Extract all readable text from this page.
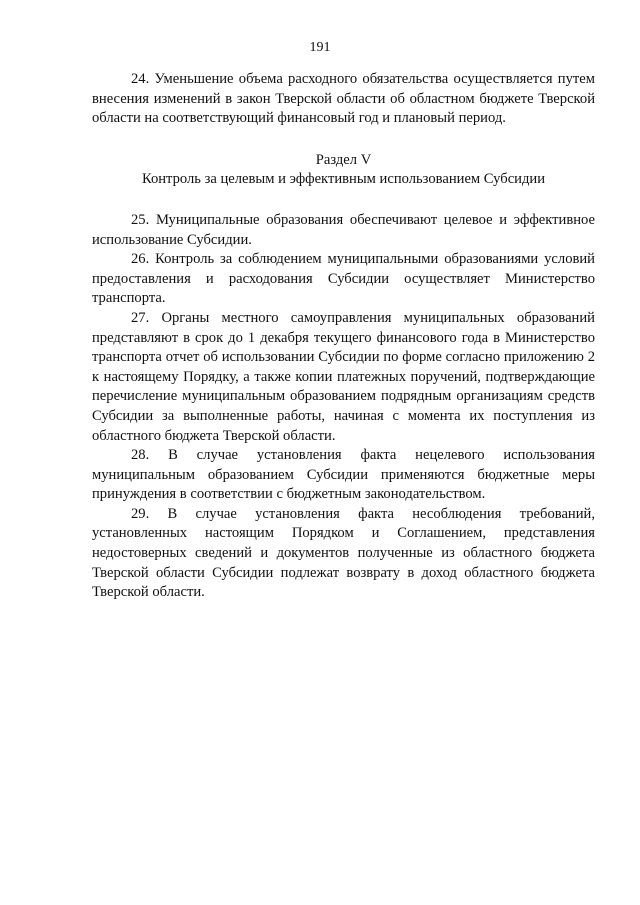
191

24. Уменьшение объема расходного обязательства осуществляется путем внесения изменений в закон Тверской области об областном бюджете Тверской области на соответствующий финансовый год и плановый период.

Раздел V

Контроль за целевым и эффективным использованием Субсидии

25. Муниципальные образования обеспечивают целевое и эффективное использование Субсидии.

26. Контроль за соблюдением муниципальными образованиями условий предоставления и расходования Субсидии осуществляет Министерство транспорта.

27. Органы местного самоуправления муниципальных образований представляют в срок до 1 декабря текущего финансового года в Министерство транспорта отчет об использовании Субсидии по форме согласно приложению 2 к настоящему Порядку, а также копии платежных поручений, подтверждающие перечисление муниципальным образованием подрядным организациям средств Субсидии за выполненные работы, начиная с момента их поступления из областного бюджета Тверской области.

28. В случае установления факта нецелевого использования муниципальным образованием Субсидии применяются бюджетные меры принуждения в соответствии с бюджетным законодательством.

29. В случае установления факта несоблюдения требований, установленных настоящим Порядком и Соглашением, представления недостоверных сведений и документов полученные из областного бюджета Тверской области Субсидии подлежат возврату в доход областного бюджета Тверской области.
